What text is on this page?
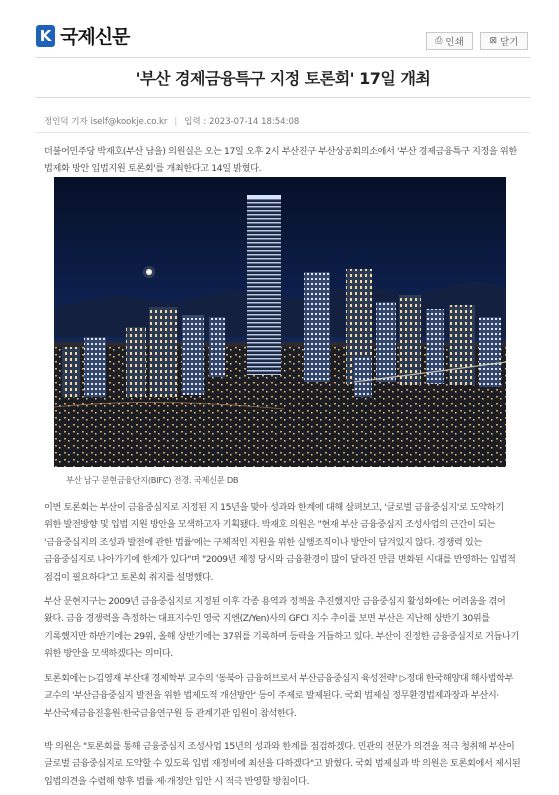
K 국제신문	⎙ 인쇄	⊠ 닫기
'부산 경제금융특구 지정 토론회' 17일 개최
정인덕 기자 iself@kookje.co.kr | 입력 : 2023-07-14 18:54:08

더불어민주당 박재호(부산 남을) 의원실은 오는 17일 오후 2시 부산진구 부산상공회의소에서 '부산 경제금융특구 지정을 위한 법제화 방안 입법지원 토론회'를 개최한다고 14일 밝혔다.

부산 남구 문현금융단지(BIFC) 전경. 국제신문 DB

이번 토론회는 부산이 금융중심지로 지정된 지 15년을 맞아 성과와 한계에 대해 살펴보고, '글로벌 금융중심지'로 도약하기 위한 발전방향 및 입법 지원 방안을 모색하고자 기획됐다. 박재호 의원은 "현재 부산 금융중심지 조성사업의 근간이 되는 '금융중심지의 조성과 발전에 관한 법률'에는 구체적인 지원을 위한 실행조직이나 방안이 담겨있지 않다. 경쟁력 있는 금융중심지로 나아가기에 한계가 있다"며 "2009년 제정 당시와 금융환경이 많이 달라진 만큼 변화된 시대를 반영하는 입법적 점검이 필요하다"고 토론회 취지를 설명했다.

부산 문현지구는 2009년 금융중심지로 지정된 이후 각종 용역과 정책을 추진했지만 금융중심지 활성화에는 어려움을 겪어 왔다. 금융 경쟁력을 측정하는 대표지수인 영국 지엔(Z/Yen)사의 GFCI 지수 추이를 보면 부산은 지난해 상반기 30위를 기록했지만 하반기에는 29위, 올해 상반기에는 37위를 기록하며 등락을 거듭하고 있다. 부산이 진정한 금융중심지로 거듭나기 위한 방안을 모색하겠다는 의미다.

토론회에는 ▷김영재 부산대 경제학부 교수의 '동북아 금융허브로서 부산금융중심지 육성전략' ▷정대 한국해양대 해사법학부 교수의 '부산금융중심지 발전을 위한 법제도적 개선방안' 등이 주제로 발제된다. 국회 법제실 정무환경법제과장과 부산시·부산국제금융진흥원·한국금융연구원 등 관계기관 임원이 참석한다.

박 의원은 "토론회를 통해 금융중심지 조성사업 15년의 성과와 한계를 점검하겠다. 민관의 전문가 의견을 적극 청취해 부산이 글로벌 금융중심지로 도약할 수 있도록 입법 재정비에 최선을 다하겠다"고 밝혔다. 국회 법제실과 박 의원은 토론회에서 제시된 입법의견을 수렴해 향후 법률 제·개정안 입안 시 적극 반영할 방침이다.
